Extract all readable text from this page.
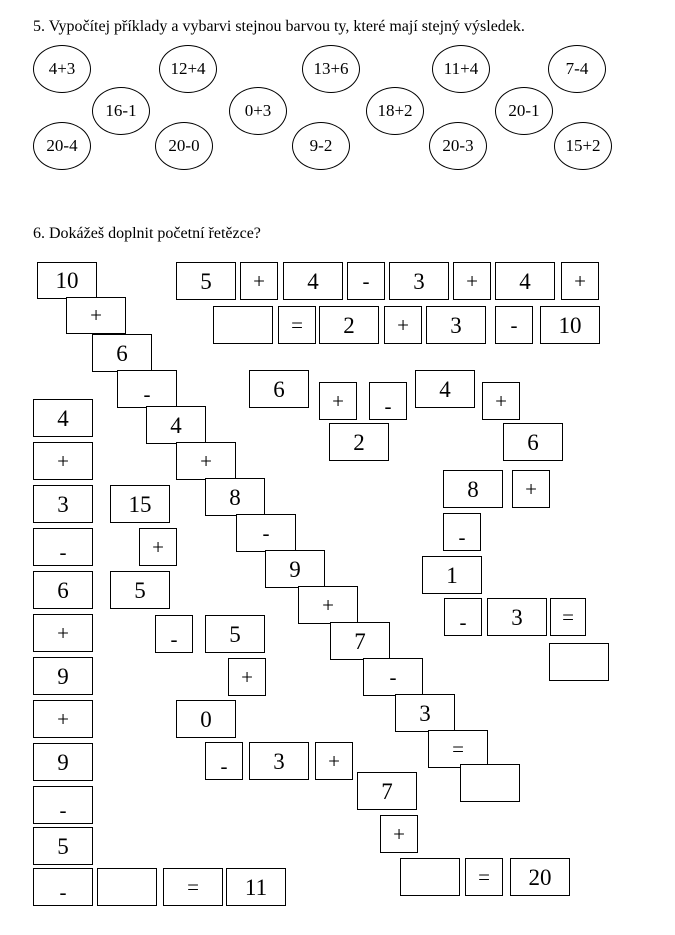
5. Vypočítej příklady a vybarvi stejnou barvou ty, které mají stejný výsledek.
4+3	12+4	13+6	11+4	7-4
16-1	0+3	18+2	20-1
20-4	20-0	9-2	20-3	15+2
6. Dokážeš doplnit početní řetězce?
5	+	4	-	3	+	4	+
=	2	+	3	-	10
10
+
6
-
4
+
8
-
9
+
7
-
3
=
4
+
3
-
6
+
9
+
9
-
5
-	=	11
15
+
5
-	5
+
0
-	3	+
7
+
=	20
6	+	-
4	+
2	6
8	+
-
1
-	3	=
